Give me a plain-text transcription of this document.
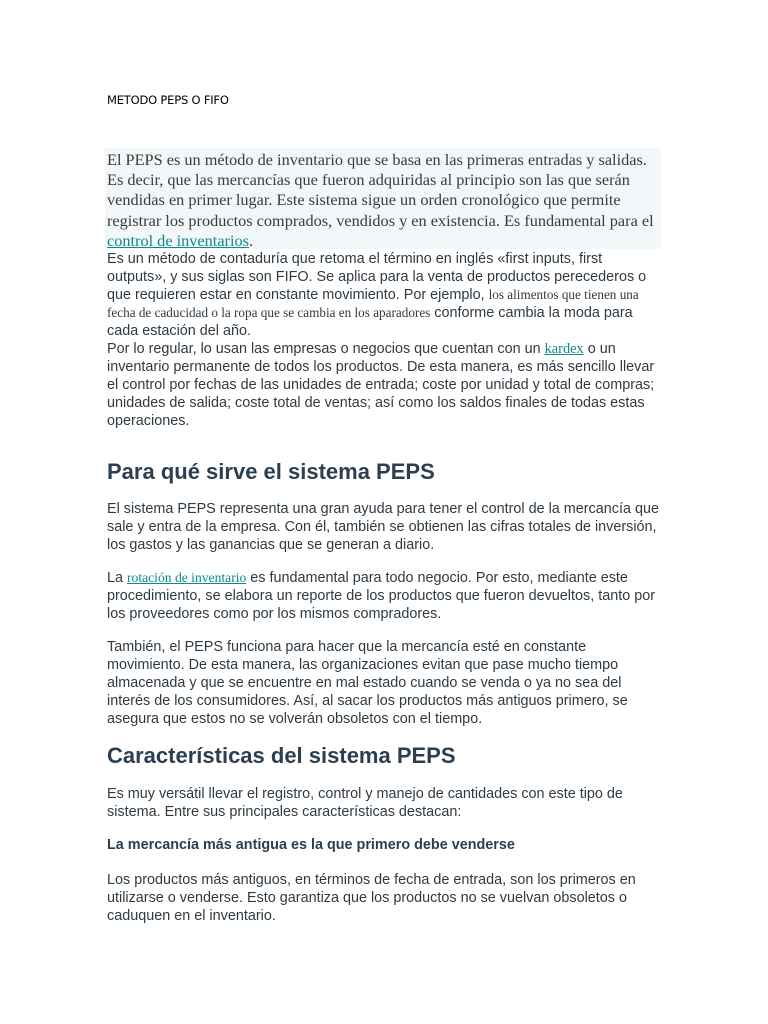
METODO PEPS O FIFO

El PEPS es un método de inventario que se basa en las primeras entradas y salidas. Es decir, que las mercancías que fueron adquiridas al principio son las que serán vendidas en primer lugar. Este sistema sigue un orden cronológico que permite registrar los productos comprados, vendidos y en existencia. Es fundamental para el control de inventarios.

Es un método de contaduría que retoma el término en inglés «first inputs, first outputs», y sus siglas son FIFO. Se aplica para la venta de productos perecederos o que requieren estar en constante movimiento. Por ejemplo, los alimentos que tienen una fecha de caducidad o la ropa que se cambia en los aparadores conforme cambia la moda para cada estación del año.

Por lo regular, lo usan las empresas o negocios que cuentan con un kardex o un inventario permanente de todos los productos. De esta manera, es más sencillo llevar el control por fechas de las unidades de entrada; coste por unidad y total de compras; unidades de salida; coste total de ventas; así como los saldos finales de todas estas operaciones.

Para qué sirve el sistema PEPS

El sistema PEPS representa una gran ayuda para tener el control de la mercancía que sale y entra de la empresa. Con él, también se obtienen las cifras totales de inversión, los gastos y las ganancias que se generan a diario.

La rotación de inventario es fundamental para todo negocio. Por esto, mediante este procedimiento, se elabora un reporte de los productos que fueron devueltos, tanto por los proveedores como por los mismos compradores.

También, el PEPS funciona para hacer que la mercancía esté en constante movimiento. De esta manera, las organizaciones evitan que pase mucho tiempo almacenada y que se encuentre en mal estado cuando se venda o ya no sea del interés de los consumidores. Así, al sacar los productos más antiguos primero, se asegura que estos no se volverán obsoletos con el tiempo.

Características del sistema PEPS

Es muy versátil llevar el registro, control y manejo de cantidades con este tipo de sistema. Entre sus principales características destacan:

La mercancía más antigua es la que primero debe venderse

Los productos más antiguos, en términos de fecha de entrada, son los primeros en utilizarse o venderse. Esto garantiza que los productos no se vuelvan obsoletos o caduquen en el inventario.
